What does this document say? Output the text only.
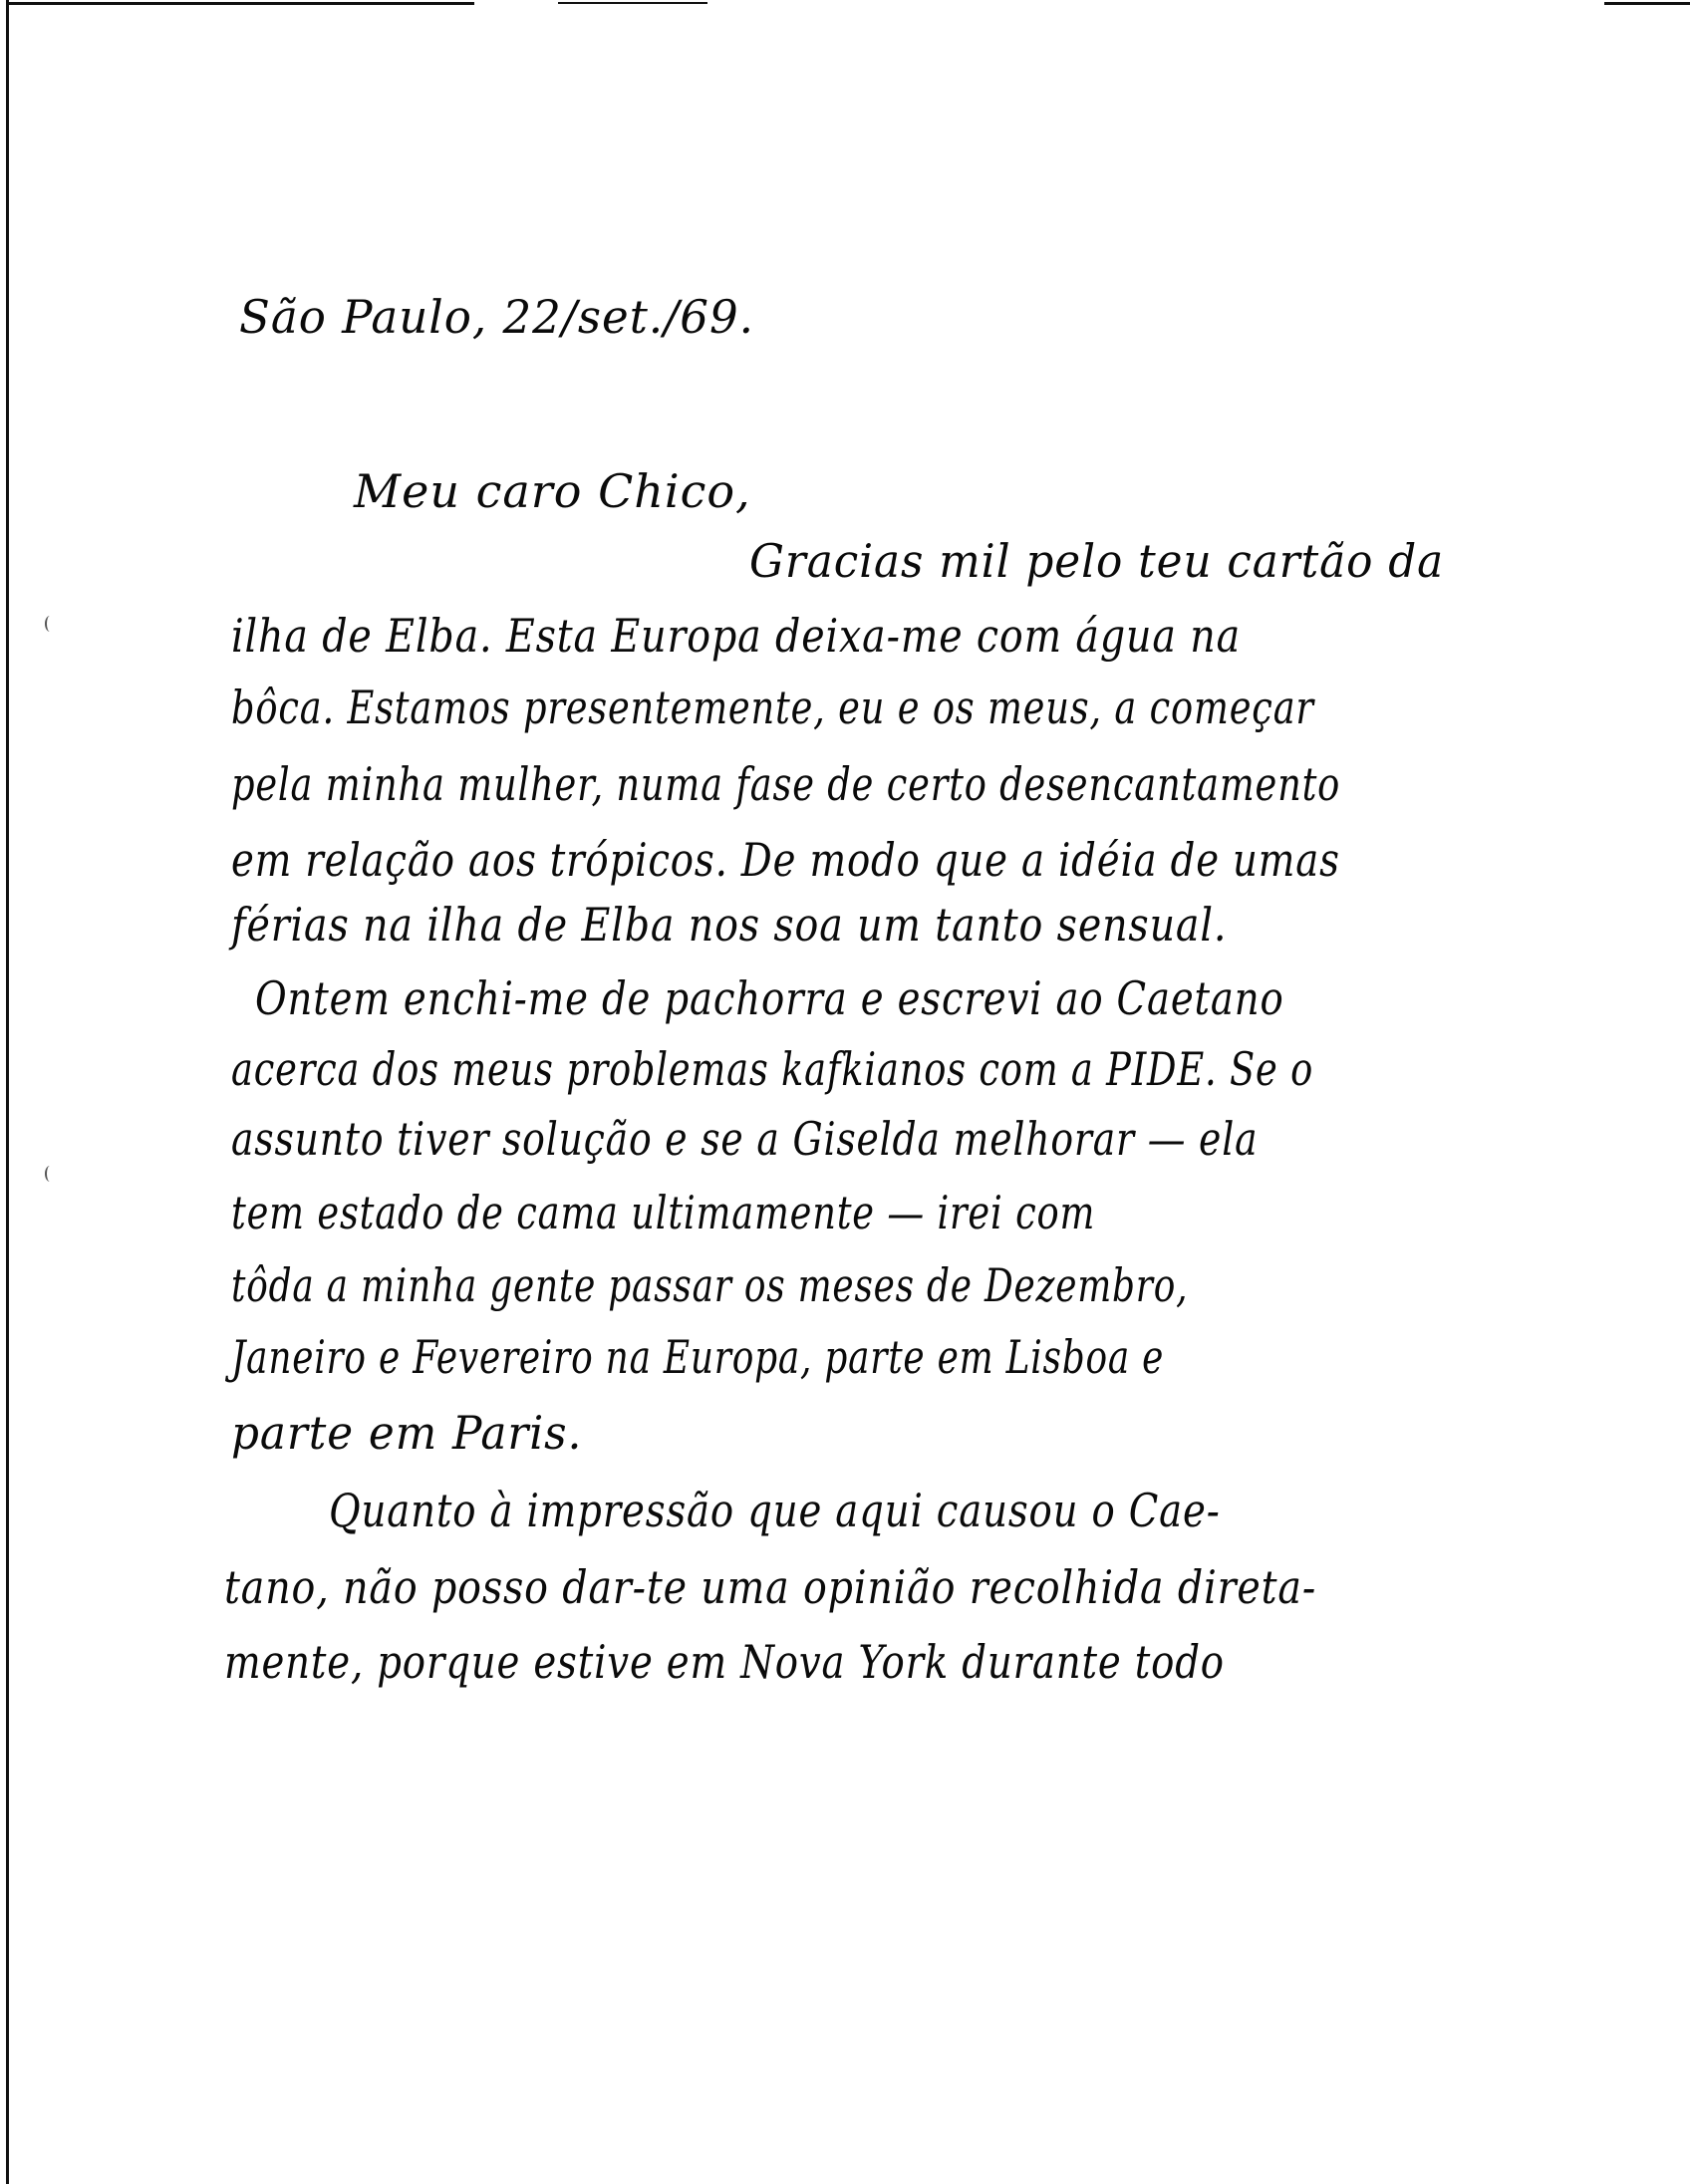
São Paulo, 22/set./69.
Meu caro Chico,
Gracias mil pelo teu cartão da
ilha de Elba. Esta Europa deixa-me com água na
bôca. Estamos presentemente, eu e os meus, a começar
pela minha mulher, numa fase de certo desencantamento
em relação aos trópicos. De modo que a idéia de umas
férias na ilha de Elba nos soa um tanto sensual.
Ontem enchi-me de pachorra e escrevi ao Caetano
acerca dos meus problemas kafkianos com a PIDE. Se o
assunto tiver solução e se a Giselda melhorar — ela
tem estado de cama ultimamente — irei com
tôda a minha gente passar os meses de Dezembro,
Janeiro e Fevereiro na Europa, parte em Lisboa e
parte em Paris.
Quanto à impressão que aqui causou o Cae-
tano, não posso dar-te uma opinião recolhida direta-
mente, porque estive em Nova York durante todo
